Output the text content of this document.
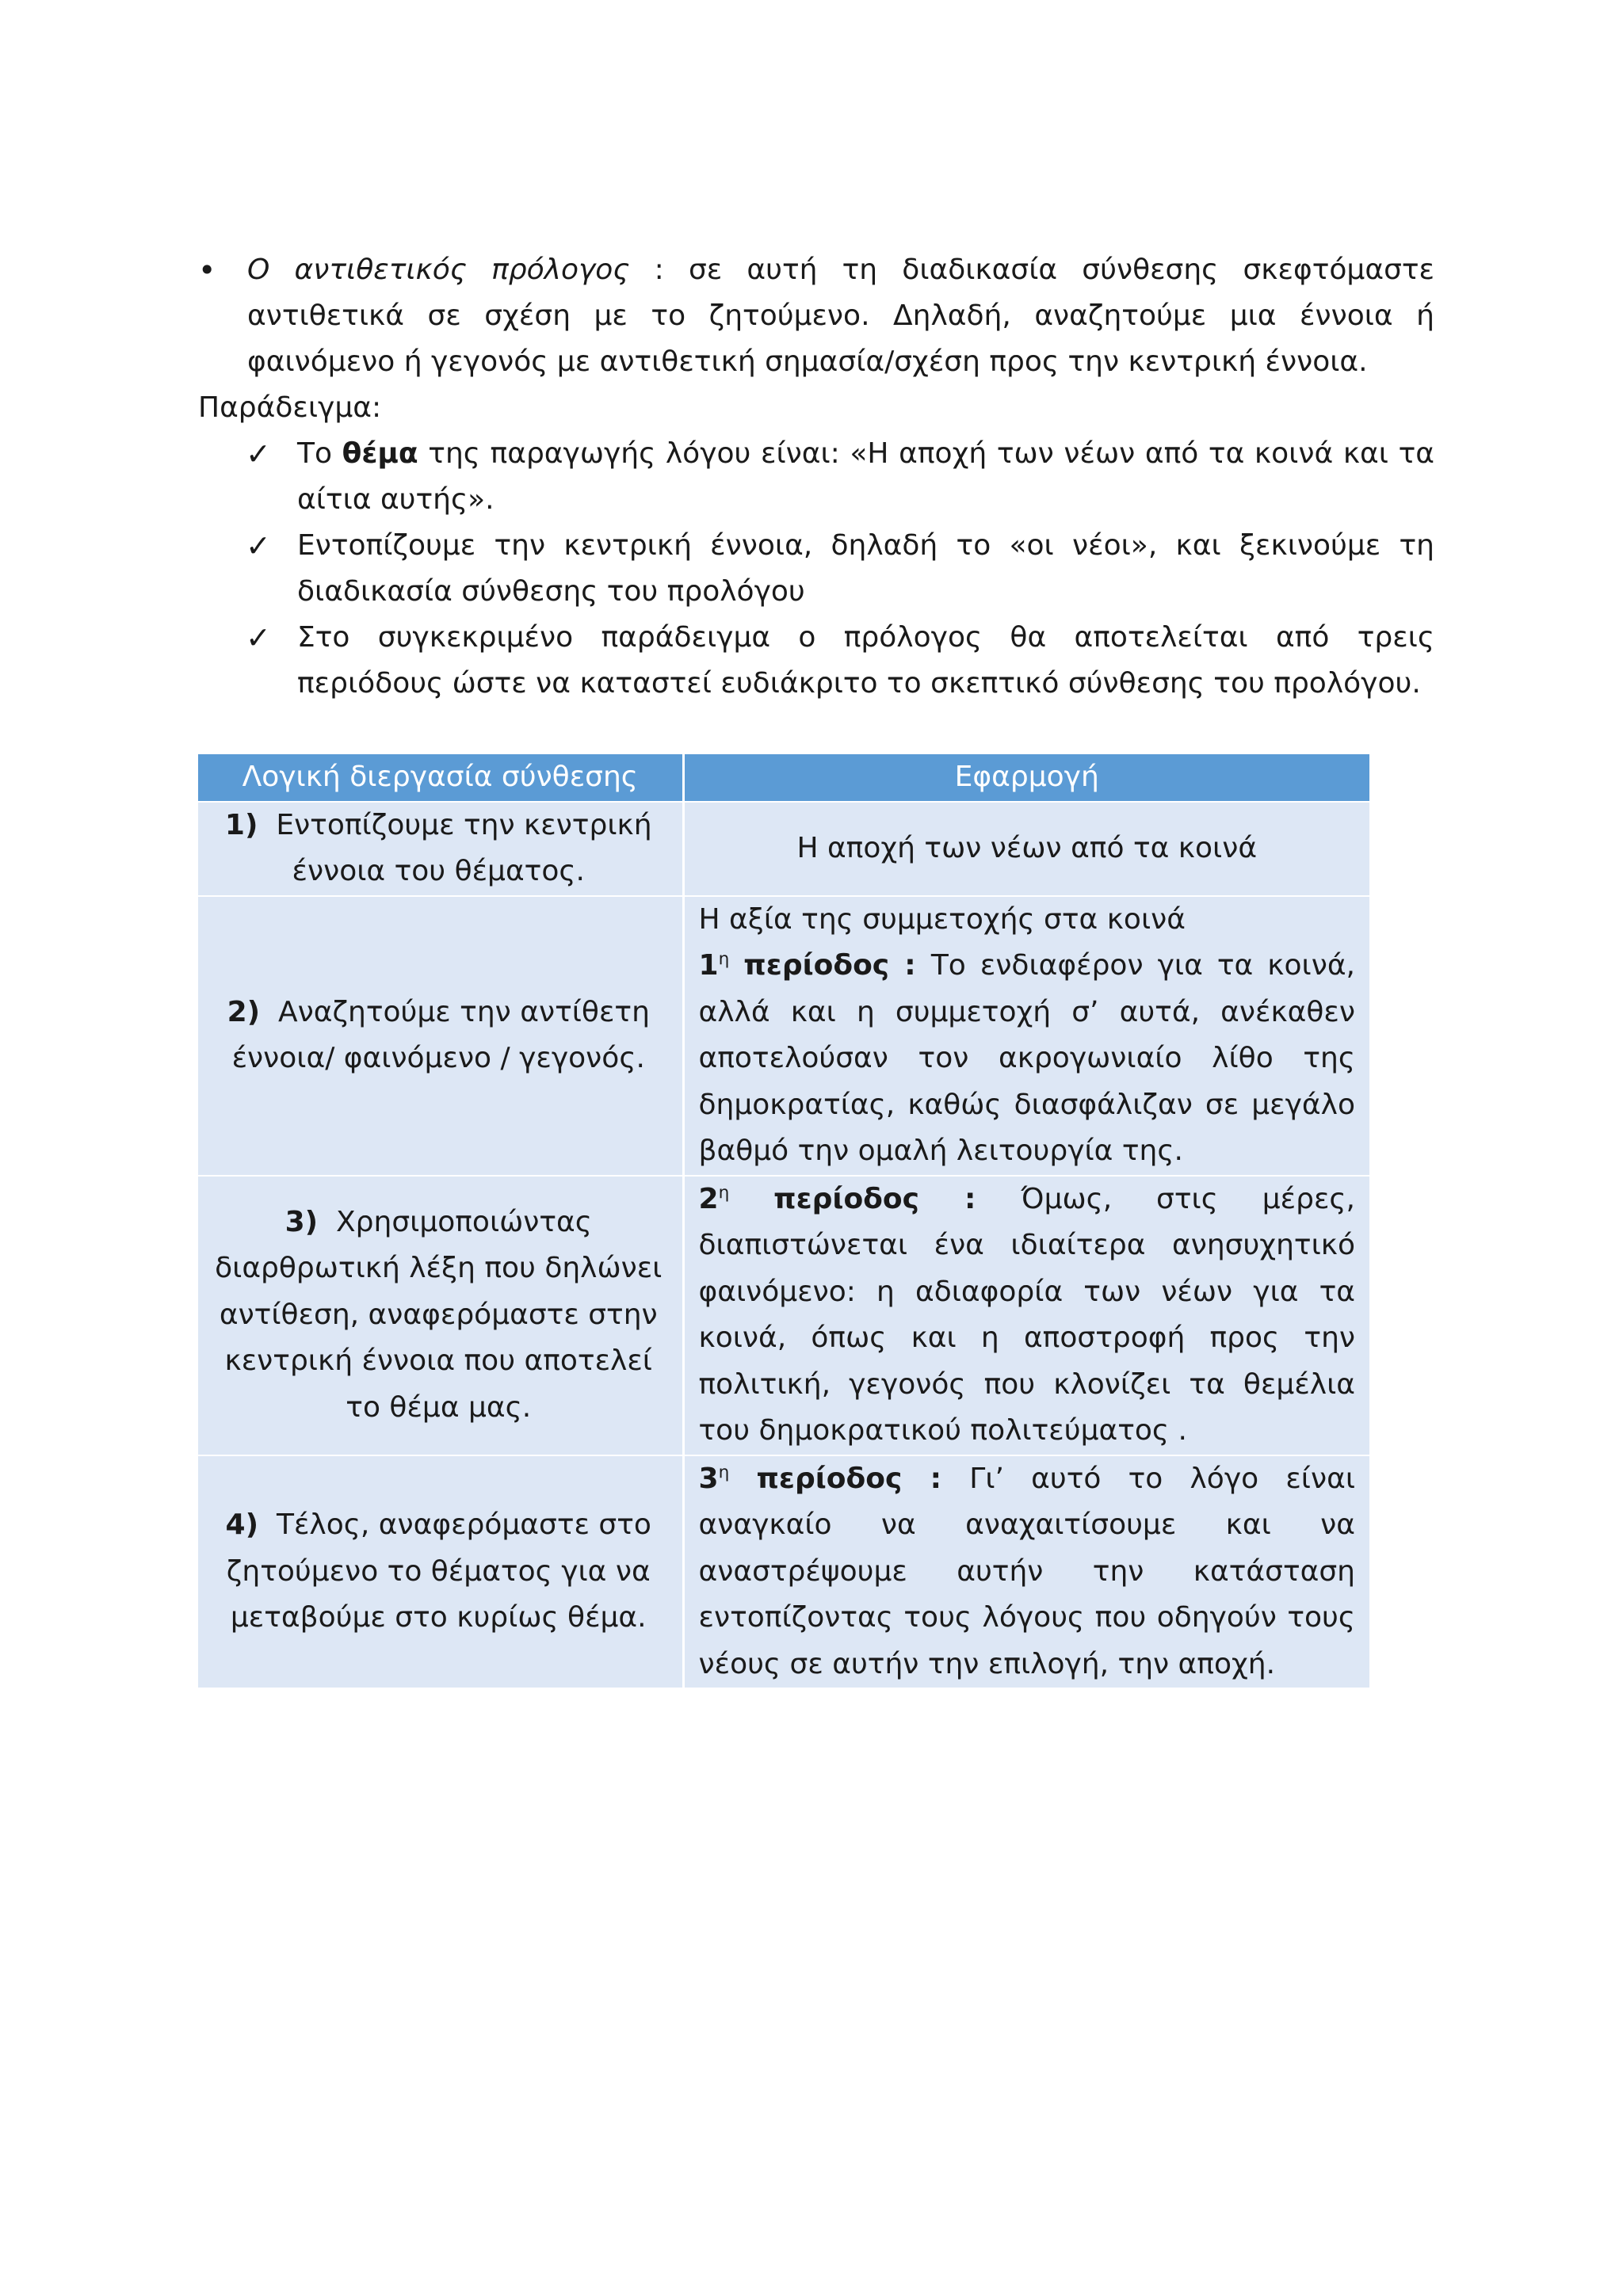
• Ο αντιθετικός πρόλογος : σε αυτή τη διαδικασία σύνθεσης σκεφτόμαστε αντιθετικά σε σχέση με το ζητούμενο. Δηλαδή, αναζητούμε μια έννοια ή φαινόμενο ή γεγονός με αντιθετική σημασία/σχέση προς την κεντρική έννοια.
Παράδειγμα:
✓ Το θέμα της παραγωγής λόγου είναι: «Η αποχή των νέων από τα κοινά και τα αίτια αυτής».
✓ Εντοπίζουμε την κεντρική έννοια, δηλαδή το «οι νέοι», και ξεκινούμε τη διαδικασία σύνθεσης του προλόγου
✓ Στο συγκεκριμένο παράδειγμα ο πρόλογος θα αποτελείται από τρεις περιόδους ώστε να καταστεί ευδιάκριτο το σκεπτικό σύνθεσης του προλόγου.
Λογική διεργασία σύνθεσης	Εφαρμογή
1) Εντοπίζουμε την κεντρική έννοια του θέματος.	Η αποχή των νέων από τα κοινά
2) Αναζητούμε την αντίθετη έννοια/ φαινόμενο / γεγονός.	Η αξία της συμμετοχής στα κοινά
$1^\eta$ περίοδος : Το ενδιαφέρον για τα κοινά, αλλά και η συμμετοχή σ’ αυτά, ανέκαθεν αποτελούσαν τον ακρογωνιαίο λίθο της δημοκρατίας, καθώς διασφάλιζαν σε μεγάλο βαθμό την ομαλή λειτουργία της.

3) Χρησιμοποιώντας διαρθρωτική λέξη που δηλώνει αντίθεση, αναφερόμαστε στην κεντρική έννοια που αποτελεί το θέμα μας.	$2^\eta$ περίοδος : Όμως, στις μέρες, διαπιστώνεται ένα ιδιαίτερα ανησυχητικό φαινόμενο: η αδιαφορία των νέων για τα κοινά, όπως και η αποστροφή προς την πολιτική, γεγονός που κλονίζει τα θεμέλια του δημοκρατικού πολιτεύματος .

4) Τέλος, αναφερόμαστε στο ζητούμενο το θέματος για να μεταβούμε στο κυρίως θέμα.	$3^\eta$ περίοδος : Γι’ αυτό το λόγο είναι αναγκαίο να αναχαιτίσουμε και να αναστρέψουμε αυτήν την κατάσταση εντοπίζοντας τους λόγους που οδηγούν τους νέους σε αυτήν την επιλογή, την αποχή.
